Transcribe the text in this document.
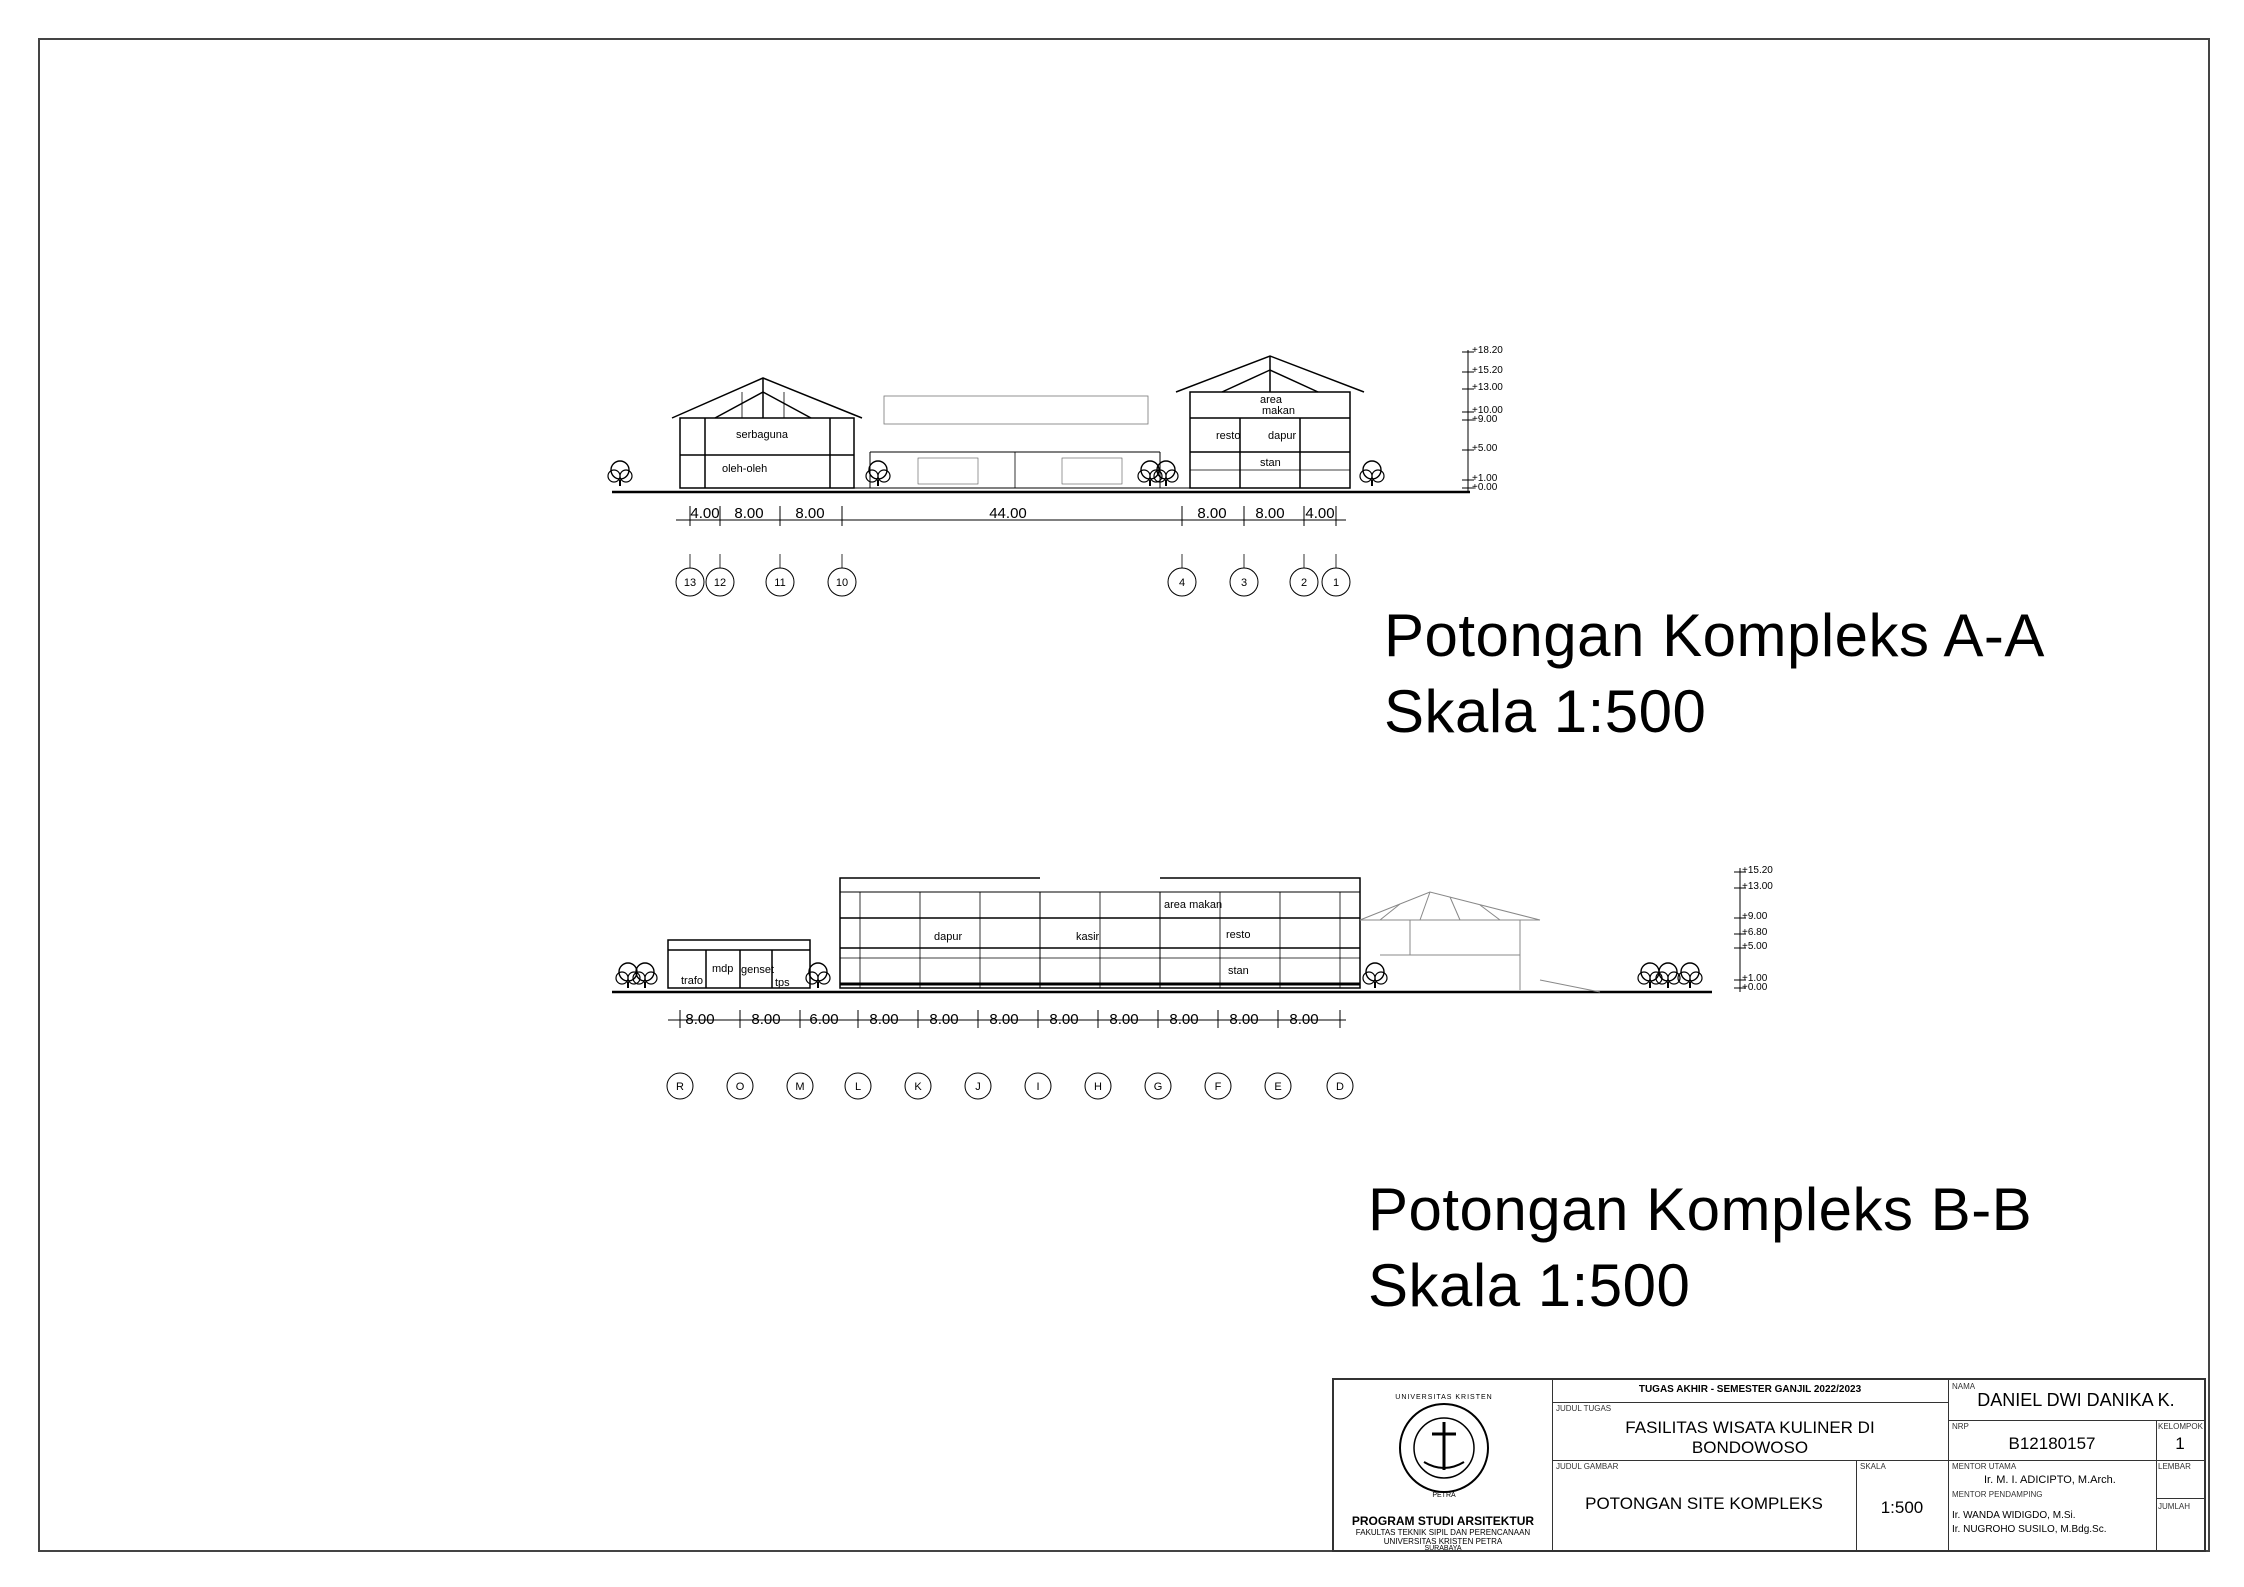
+18.20
+15.20
+13.00
+10.00
+9.00
+5.00
+1.00
+0.00
serbaguna
oleh-oleh
area
makan
resto	dapur
stan
4.00 8.00 8.00	44.00	8.00 8.00 4.00
13 12	11	10	4	3	2 1
+15.20
+13.00
+9.00
+6.80
+5.00
+1.00
+0.00
trafo
mdp genset
tps
dapur	kasir
area makan
resto
stan
8.00 8.00 6.00 8.00 8.00 8.00 8.00 8.00 8.00 8.00 8.00
R	O	M	L	K	J	I	H	G	F	E	D
Potongan Kompleks A-A
Skala 1:500
Potongan Kompleks B-B
Skala 1:500
UNIVERSITAS KRISTEN
PETRA
PROGRAM STUDI ARSITEKTUR
FAKULTAS TEKNIK SIPIL DAN PERENCANAAN
UNIVERSITAS KRISTEN PETRA
SURABAYA
TUGAS AKHIR - SEMESTER GANJIL 2022/2023
JUDUL TUGAS
FASILITAS WISATA KULINER DI
BONDOWOSO
JUDUL GAMBAR
POTONGAN SITE KOMPLEKS
SKALA
1:500
NAMA
DANIEL DWI DANIKA K.
NRP
B12180157
KELOMPOK
1
MENTOR UTAMA
Ir. M. I. ADICIPTO, M.Arch.
MENTOR PENDAMPING
Ir. WANDA WIDIGDO, M.Si.
Ir. NUGROHO SUSILO, M.Bdg.Sc.
LEMBAR
JUMLAH
